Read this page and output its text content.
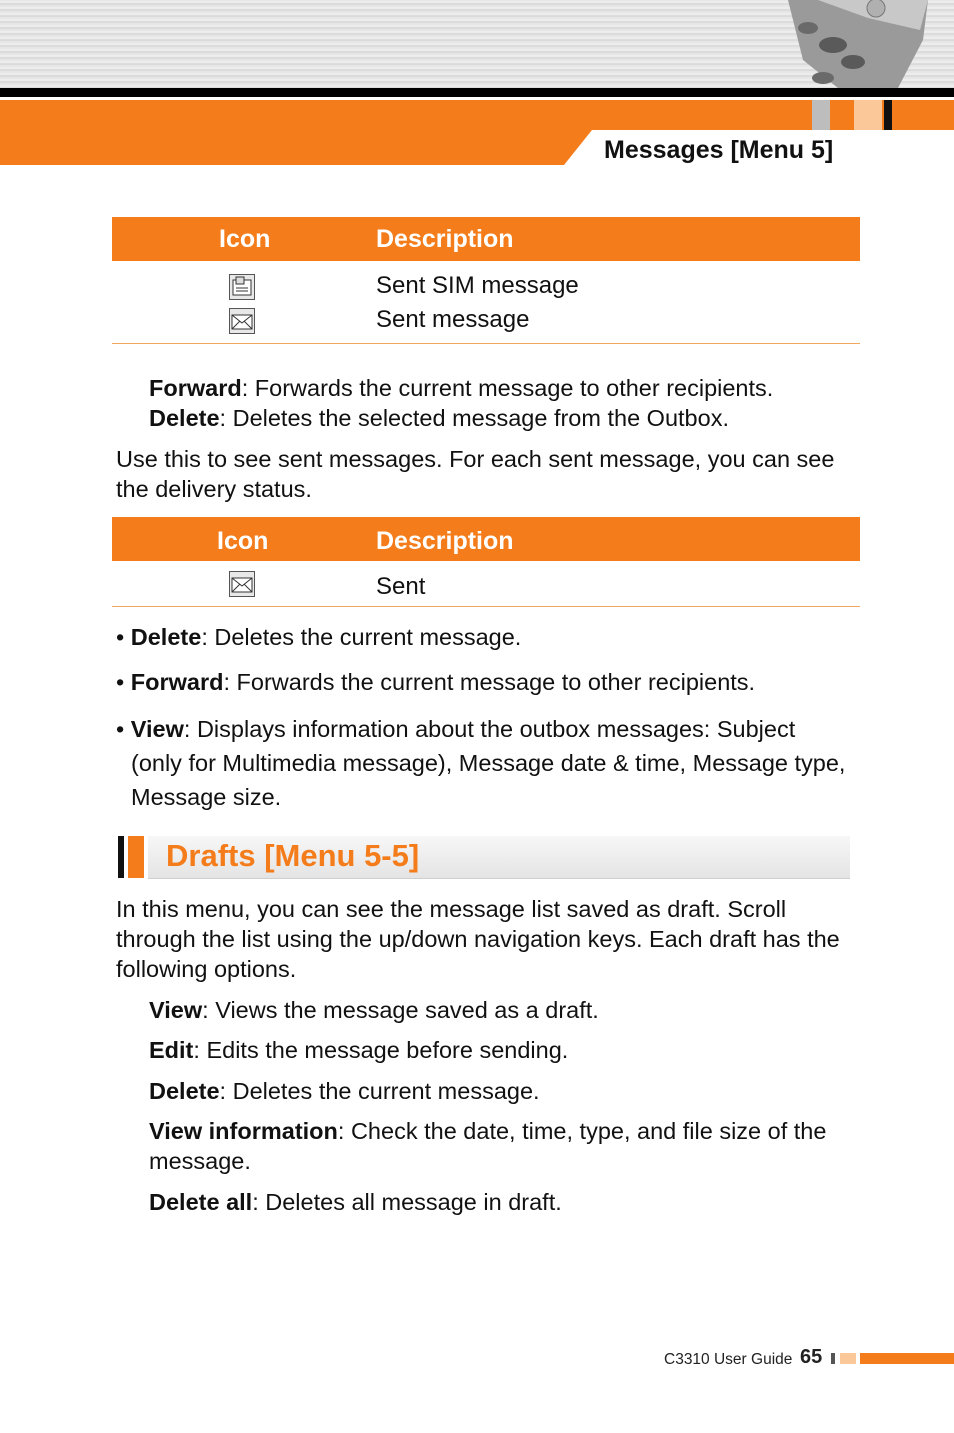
Messages [Menu 5]
Icon	Description
Sent SIM message
Sent message
Forward: Forwards the current message to other recipients.
Delete: Deletes the selected message from the Outbox.
Use this to see sent messages. For each sent message, you can see the delivery status.
Icon	Description
Sent
• Delete: Deletes the current message.
• Forward: Forwards the current message to other recipients.
• View: Displays information about the outbox messages: Subject (only for Multimedia message), Message date & time, Message type, Message size.
Drafts [Menu 5-5]
In this menu, you can see the message list saved as draft. Scroll through the list using the up/down navigation keys. Each draft has the following options.
View: Views the message saved as a draft.
Edit: Edits the message before sending.
Delete: Deletes the current message.
View information: Check the date, time, type, and file size of the message.
Delete all: Deletes all message in draft.
C3310 User Guide 65
